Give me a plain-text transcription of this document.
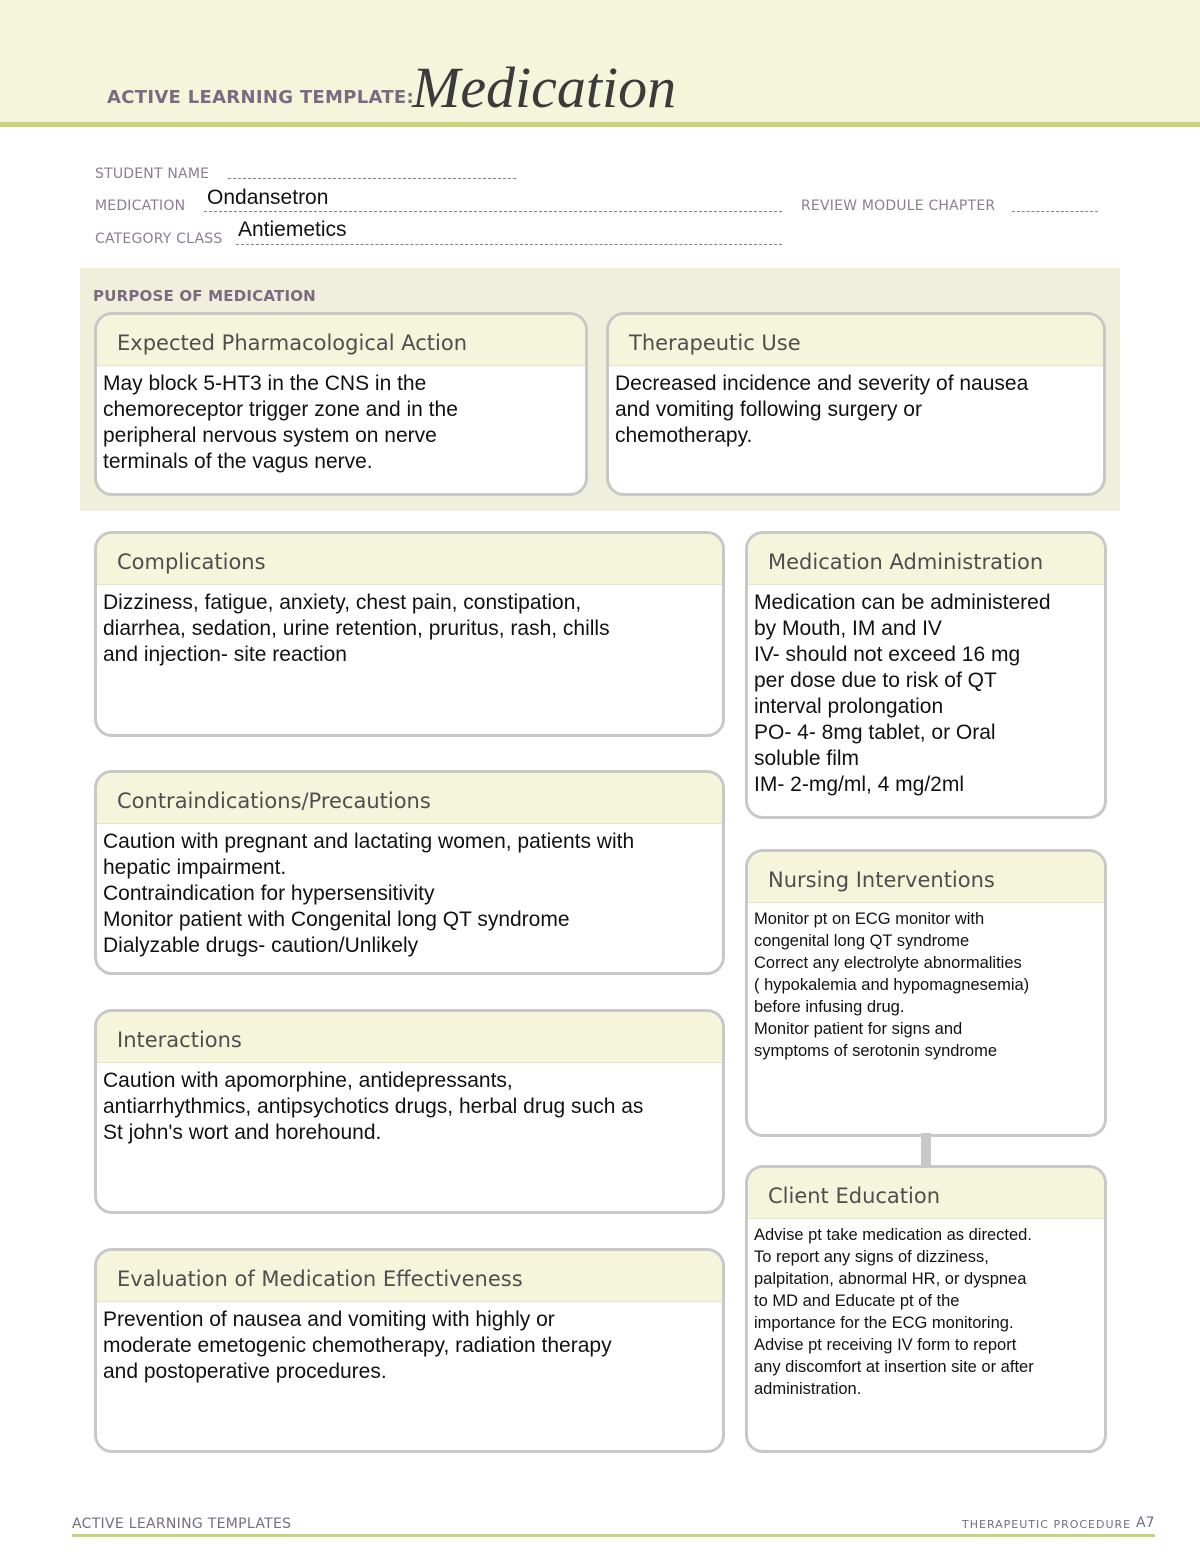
ACTIVE LEARNING TEMPLATE:
Medication
STUDENT NAME
MEDICATION Ondansetron	REVIEW MODULE CHAPTER
CATEGORY CLASS Antiemetics
PURPOSE OF MEDICATION
Expected Pharmacological Action
May block 5-HT3 in the CNS in the
chemoreceptor trigger zone and in the
peripheral nervous system on nerve
terminals of the vagus nerve.
Therapeutic Use
Decreased incidence and severity of nausea
and vomiting following surgery or
chemotherapy.
Complications
Dizziness, fatigue, anxiety, chest pain, constipation,
diarrhea, sedation, urine retention, pruritus, rash, chills
and injection- site reaction
Contraindications/Precautions
Caution with pregnant and lactating women, patients with
hepatic impairment.
Contraindication for hypersensitivity
Monitor patient with Congenital long QT syndrome
Dialyzable drugs- caution/Unlikely
Interactions
Caution with apomorphine, antidepressants,
antiarrhythmics, antipsychotics drugs, herbal drug such as
St john's wort and horehound.
Evaluation of Medication Effectiveness
Prevention of nausea and vomiting with highly or
moderate emetogenic chemotherapy, radiation therapy
and postoperative procedures.
Medication Administration
Medication can be administered
by Mouth, IM and IV
IV- should not exceed 16 mg
per dose due to risk of QT
interval prolongation
PO- 4- 8mg tablet, or Oral
soluble film
IM- 2-mg/ml, 4 mg/2ml
Nursing Interventions
Monitor pt on ECG monitor with
congenital long QT syndrome
Correct any electrolyte abnormalities
( hypokalemia and hypomagnesemia)
before infusing drug.
Monitor patient for signs and
symptoms of serotonin syndrome
Client Education
Advise pt take medication as directed.
To report any signs of dizziness,
palpitation, abnormal HR, or dyspnea
to MD and Educate pt of the
importance for the ECG monitoring.
Advise pt receiving IV form to report
any discomfort at insertion site or after
administration.
ACTIVE LEARNING TEMPLATES	THERAPEUTIC PROCEDURE A7
